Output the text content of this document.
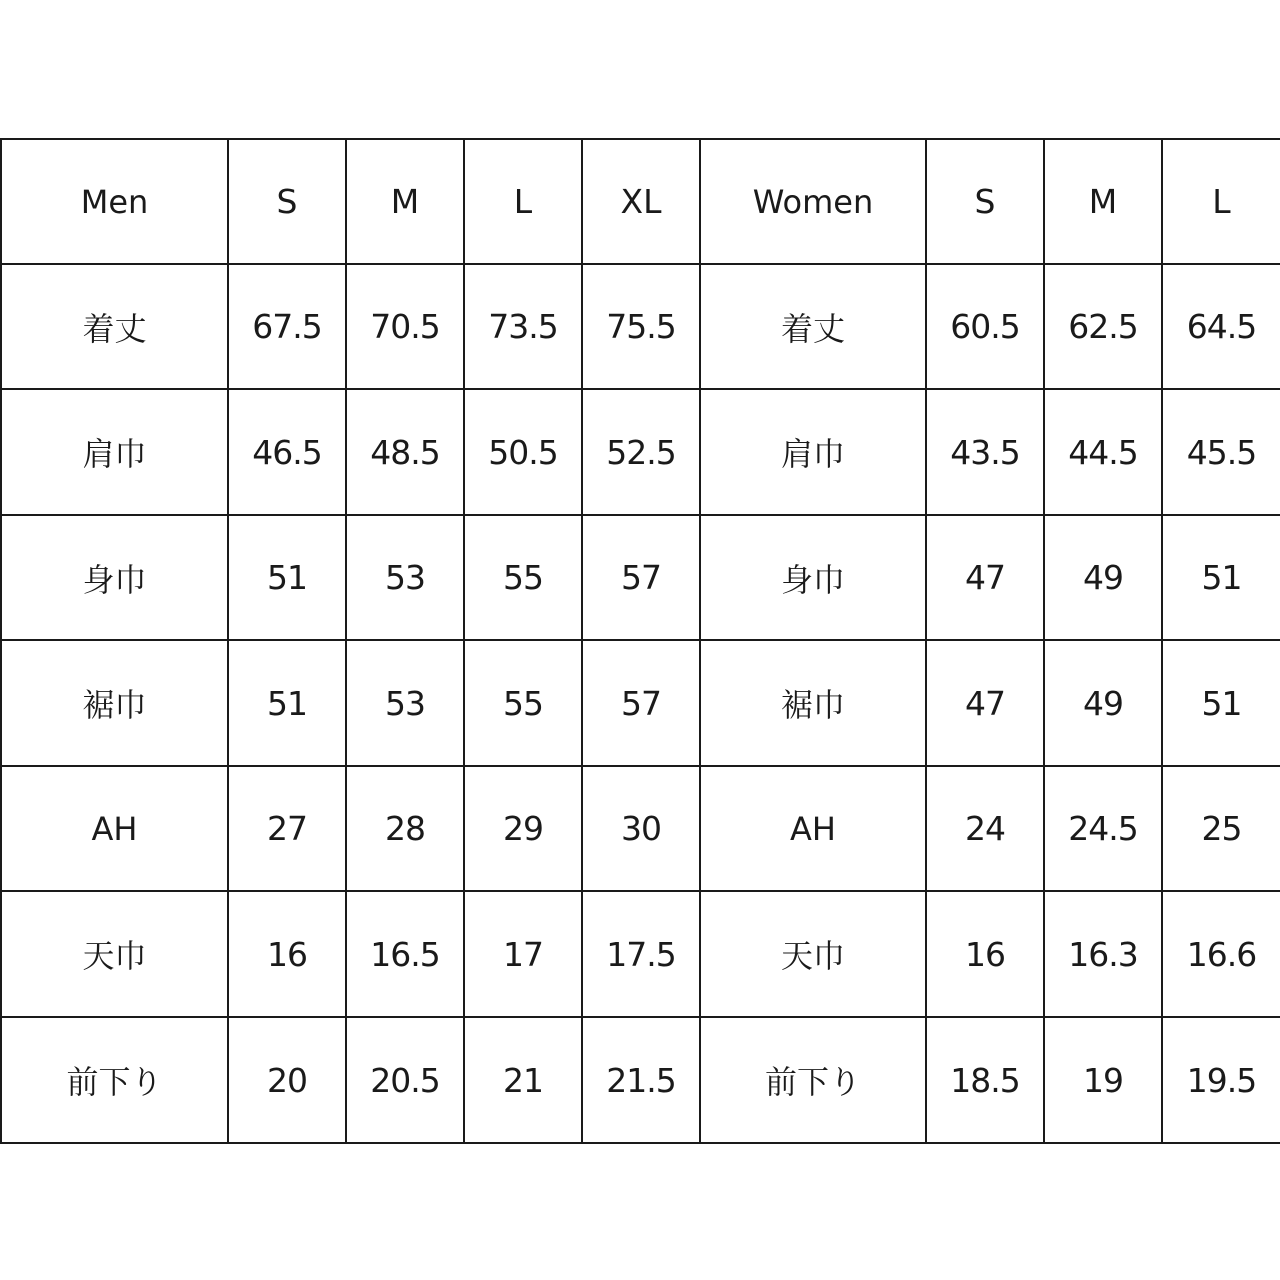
Men	S	M	L	XL	Women	S	M	L
着丈	67.5	70.5	73.5	75.5	着丈	60.5	62.5	64.5
肩巾	46.5	48.5	50.5	52.5	肩巾	43.5	44.5	45.5
身巾	51	53	55	57	身巾	47	49	51
裾巾	51	53	55	57	裾巾	47	49	51
AH	27	28	29	30	AH	24	24.5	25
天巾	16	16.5	17	17.5	天巾	16	16.3	16.6
前下り	20	20.5	21	21.5	前下り	18.5	19	19.5
